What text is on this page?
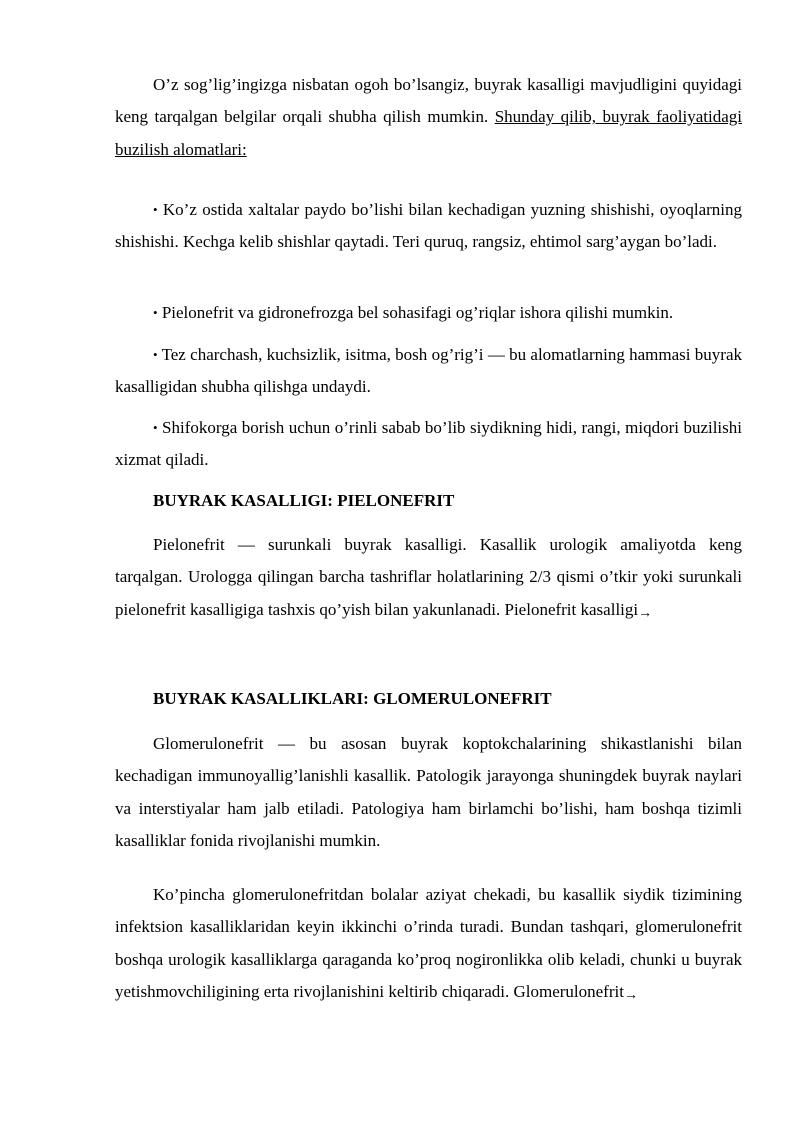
O’z sog’lig’ingizga nisbatan ogoh bo’lsangiz, buyrak kasalligi mavjudligini quyidagi keng tarqalgan belgilar orqali shubha qilish mumkin. Shunday qilib, buyrak faoliyatidagi buzilish alomatlari:

• Ko’z ostida xaltalar paydo bo’lishi bilan kechadigan yuzning shishishi, oyoqlarning shishishi. Kechga kelib shishlar qaytadi. Teri quruq, rangsiz, ehtimol sarg’aygan bo’ladi.

• Pielonefrit va gidronefrozga bel sohasifagi og’riqlar ishora qilishi mumkin.

• Tez charchash, kuchsizlik, isitma, bosh og’rig’i — bu alomatlarning hammasi buyrak kasalligidan shubha qilishga undaydi.

• Shifokorga borish uchun o’rinli sabab bo’lib siydikning hidi, rangi, miqdori buzilishi xizmat qiladi.

BUYRAK KASALLIGI: PIELONEFRIT

Pielonefrit — surunkali buyrak kasalligi. Kasallik urologik amaliyotda keng tarqalgan. Urologga qilingan barcha tashriflar holatlarining 2/3 qismi o’tkir yoki surunkali pielonefrit kasalligiga tashxis qo’yish bilan yakunlanadi. Pielonefrit kasalligi→

BUYRAK KASALLIKLARI: GLOMERULONEFRIT

Glomerulonefrit — bu asosan buyrak koptokchalarining shikastlanishi bilan kechadigan immunoyallig’lanishli kasallik. Patologik jarayonga shuningdek buyrak naylari va interstiyalar ham jalb etiladi. Patologiya ham birlamchi bo’lishi, ham boshqa tizimli kasalliklar fonida rivojlanishi mumkin.

Ko’pincha glomerulonefritdan bolalar aziyat chekadi, bu kasallik siydik tizimining infektsion kasalliklaridan keyin ikkinchi o’rinda turadi. Bundan tashqari, glomerulonefrit boshqa urologik kasalliklarga qaraganda ko’proq nogironlikka olib keladi, chunki u buyrak yetishmovchiligining erta rivojlanishini keltirib chiqaradi. Glomerulonefrit→
